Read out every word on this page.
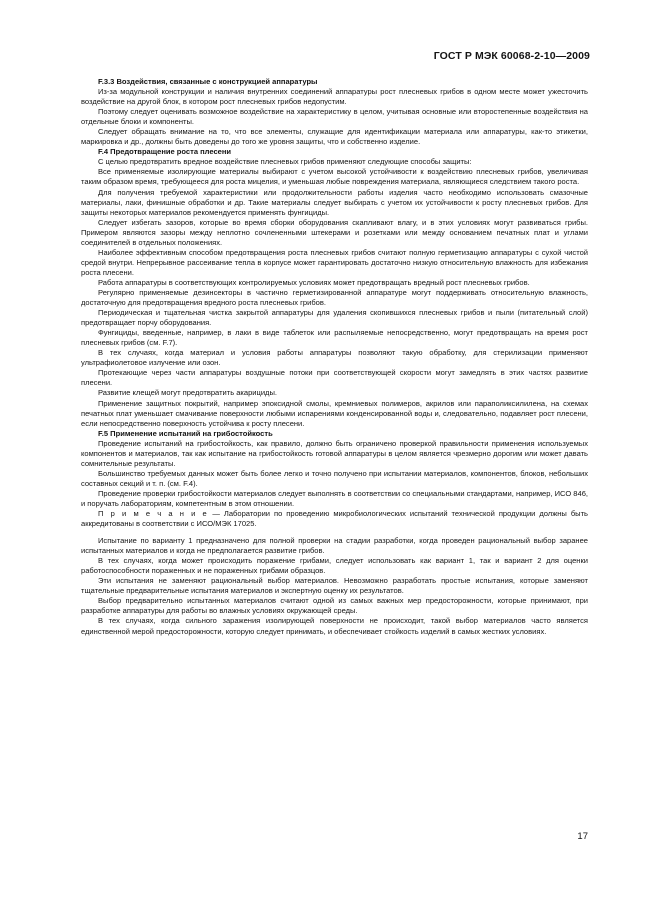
ГОСТ Р МЭК 60068-2-10—2009
F.3.3 Воздействия, связанные с конструкцией аппаратуры

Из-за модульной конструкции и наличия внутренних соединений аппаратуры рост плесневых грибов в одном месте может ужесточить воздействие на другой блок, в котором рост плесневых грибов недопустим.

Поэтому следует оценивать возможное воздействие на характеристику в целом, учитывая основные или второстепенные воздействия на отдельные блоки и компоненты.

Следует обращать внимание на то, что все элементы, служащие для идентификации материала или аппаратуры, как-то этикетки, маркировка и др., должны быть доведены до того же уровня защиты, что и собственно изделие.

F.4 Предотвращение роста плесени

С целью предотвратить вредное воздействие плесневых грибов применяют следующие способы защиты:

Все применяемые изолирующие материалы выбирают с учетом высокой устойчивости к воздействию плесневых грибов, увеличивая таким образом время, требующееся для роста мицелия, и уменьшая любые повреждения материала, являющиеся следствием такого роста.

Для получения требуемой характеристики или продолжительности работы изделия часто необходимо использовать смазочные материалы, лаки, финишные обработки и др. Такие материалы следует выбирать с учетом их устойчивости к росту плесневых грибов. Для защиты некоторых материалов рекомендуется применять фунгициды.

Следует избегать зазоров, которые во время сборки оборудования скапливают влагу, и в этих условиях могут развиваться грибы. Примером являются зазоры между неплотно сочлененными штекерами и розетками или между основанием печатных плат и углами соединителей в отдельных положениях.

Наиболее эффективным способом предотвращения роста плесневых грибов считают полную герметизацию аппаратуры с сухой чистой средой внутри. Непрерывное рассеивание тепла в корпусе может гарантировать достаточно низкую относительную влажность для избежания роста плесени.

Работа аппаратуры в соответствующих контролируемых условиях может предотвращать вредный рост плесневых грибов.

Регулярно применяемые дезинсекторы в частично герметизированной аппаратуре могут поддерживать относительную влажность, достаточную для предотвращения вредного роста плесневых грибов.

Периодическая и тщательная чистка закрытой аппаратуры для удаления скопившихся плесневых грибов и пыли (питательный слой) предотвращает порчу оборудования.

Фунгициды, введенные, например, в лаки в виде таблеток или распыляемые непосредственно, могут предотвращать на время рост плесневых грибов (см. F.7).

В тех случаях, когда материал и условия работы аппаратуры позволяют такую обработку, для стерилизации применяют ультрафиолетовое излучение или озон.

Протекающие через части аппаратуры воздушные потоки при соответствующей скорости могут замедлять в этих частях развитие плесени.

Развитие клещей могут предотвратить акарициды.

Применение защитных покрытий, например эпоксидной смолы, кремниевых полимеров, акрилов или параполиксилилена, на схемах печатных плат уменьшает смачивание поверхности любыми испарениями конденсированной воды и, следовательно, подавляет рост плесени, если непосредственно поверхность устойчива к росту плесени.

F.5 Применение испытаний на грибостойкость

Проведение испытаний на грибостойкость, как правило, должно быть ограничено проверкой правильности применения используемых компонентов и материалов, так как испытание на грибостойкость готовой аппаратуры в целом является чрезмерно дорогим или может давать сомнительные результаты.

Большинство требуемых данных может быть более легко и точно получено при испытании материалов, компонентов, блоков, небольших составных секций и т. п. (см. F.4).

Проведение проверки грибостойкости материалов следует выполнять в соответствии со специальными стандартами, например, ИСО 846, и поручать лабораториям, компетентным в этом отношении.

П р и м е ч а н и е — Лаборатории по проведению микробиологических испытаний технической продукции должны быть аккредитованы в соответствии с ИСО/МЭК 17025.

Испытание по варианту 1 предназначено для полной проверки на стадии разработки, когда проведен рациональный выбор заранее испытанных материалов и когда не предполагается развитие грибов.

В тех случаях, когда может происходить поражение грибами, следует использовать как вариант 1, так и вариант 2 для оценки работоспособности пораженных и не пораженных грибами образцов.

Эти испытания не заменяют рациональный выбор материалов. Невозможно разработать простые испытания, которые заменяют тщательные предварительные испытания материалов и экспертную оценку их результатов.

Выбор предварительно испытанных материалов считают одной из самых важных мер предосторожности, которые принимают, при разработке аппаратуры для работы во влажных условиях окружающей среды.

В тех случаях, когда сильного заражения изолирующей поверхности не происходит, такой выбор материалов часто является единственной мерой предосторожности, которую следует принимать, и обеспечивает стойкость изделий в самых жестких условиях.

17
